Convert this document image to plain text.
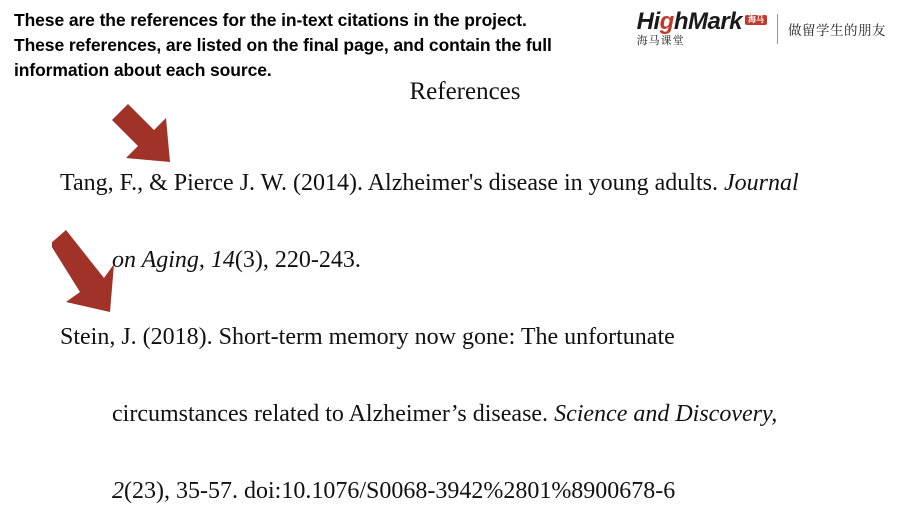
These are the references for the in-text citations in the project.
These references, are listed on the final page, and contain the full
information about each source.
Hi g hMark 海马
海马课堂
做留学生的朋友
References
Tang, F., & Pierce J. W. (2014). Alzheimer's disease in young adults. Journal
on Aging, 14(3), 220-243.
Stein, J. (2018). Short-term memory now gone: The unfortunate
circumstances related to Alzheimer’s disease. Science and Discovery,
2(23), 35-57. doi:10.1076/S0068-3942%2801%8900678-6
